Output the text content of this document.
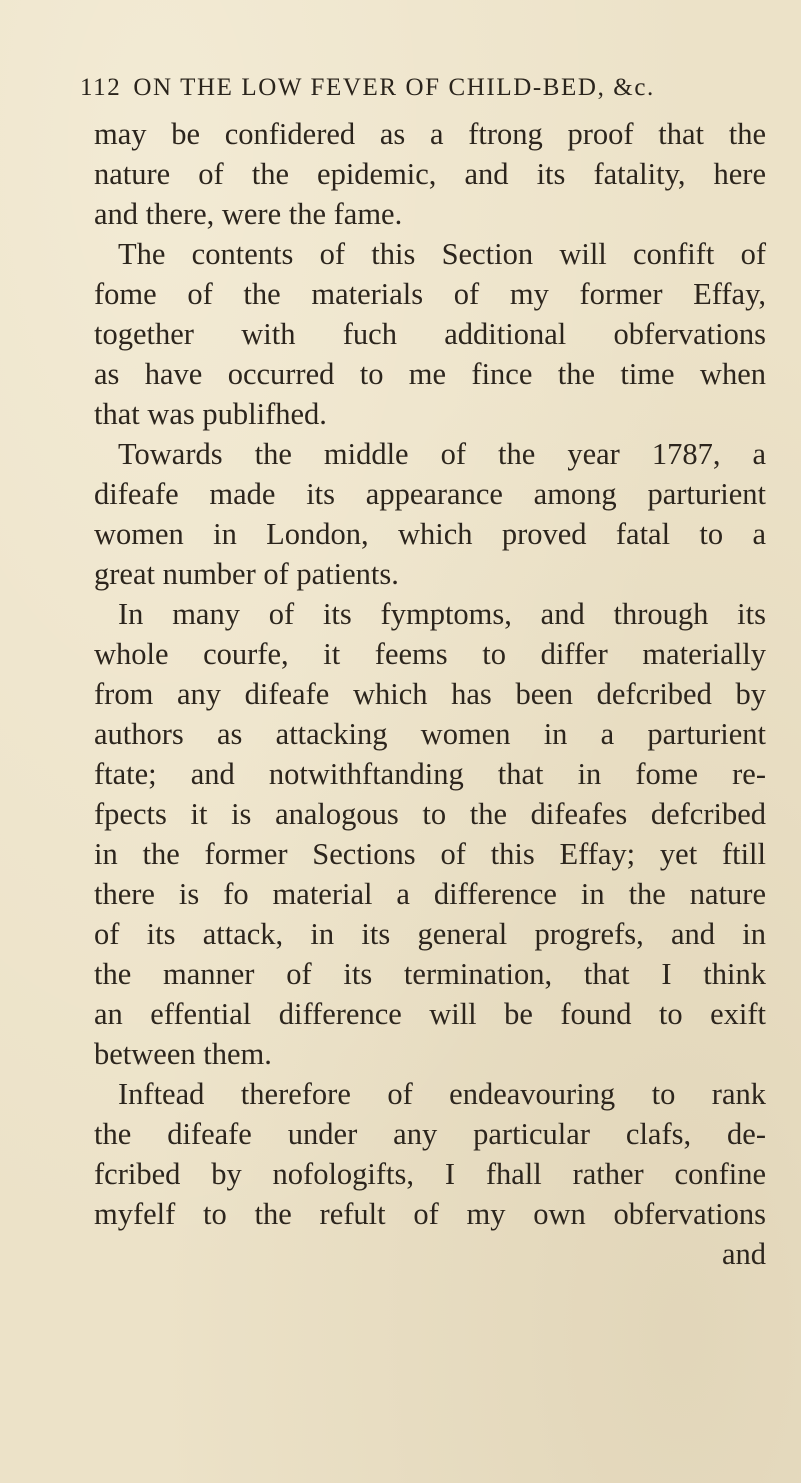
112 ON THE LOW FEVER OF CHILD-BED, &c.
may be confidered as a ftrong proof that the
nature of the epidemic, and its fatality, here
and there, were the fame.
The contents of this Section will confift of
fome of the materials of my former Effay,
together with fuch additional obfervations
as have occurred to me fince the time when
that was publifhed.
Towards the middle of the year 1787, a
difeafe made its appearance among parturient
women in London, which proved fatal to a
great number of patients.
In many of its fymptoms, and through its
whole courfe, it feems to differ materially
from any difeafe which has been defcribed by
authors as attacking women in a parturient
ftate; and notwithftanding that in fome re-
fpects it is analogous to the difeafes defcribed
in the former Sections of this Effay; yet ftill
there is fo material a difference in the nature
of its attack, in its general progrefs, and in
the manner of its termination, that I think
an effential difference will be found to exift
between them.
Inftead therefore of endeavouring to rank
the difeafe under any particular clafs, de-
fcribed by nofologifts, I fhall rather confine
myfelf to the refult of my own obfervations
and
